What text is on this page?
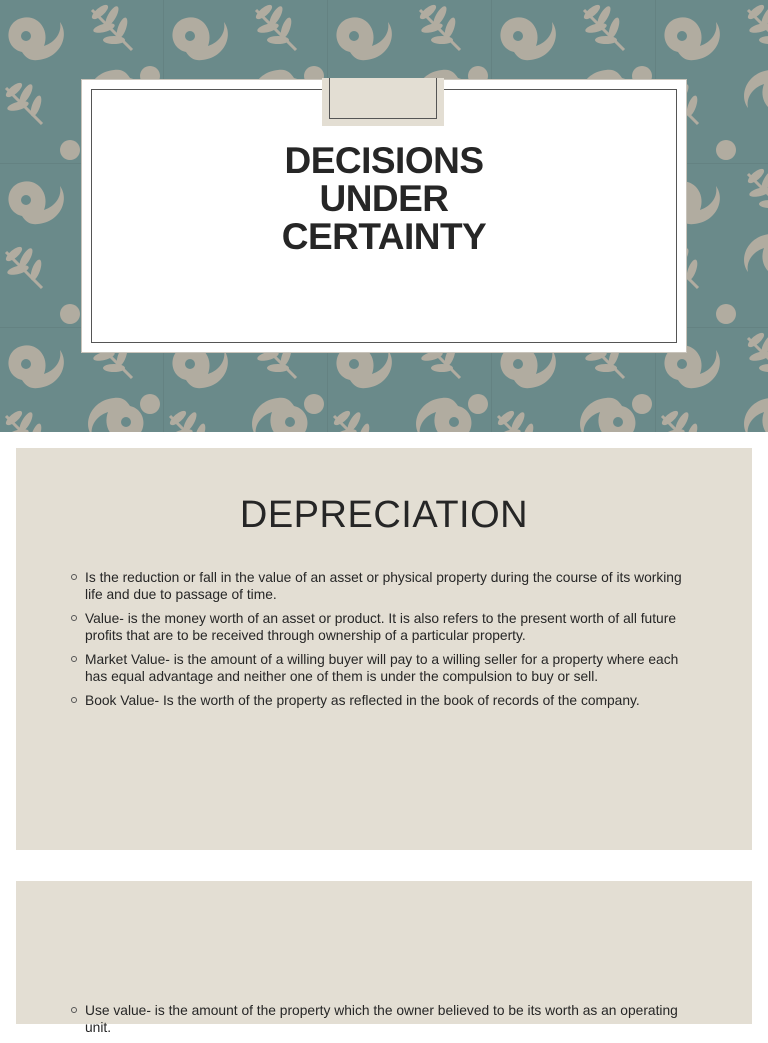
DECISIONS UNDER CERTAINTY
DEPRECIATION
Is the reduction or fall in the value of an asset or physical property during the course of its working life and due to passage of time.
Value- is the money worth of an asset or product. It is also refers to the present worth of all future profits that are to be received through ownership of a particular property.
Market Value- is the amount of a willing buyer will pay to a willing seller for a property where each has equal advantage and neither one of them is under the compulsion to buy or sell.
Book Value- Is the worth of the property as reflected in the book of records of the company.
Use value- is the amount of the property which the owner believed to be its worth as an operating unit.
